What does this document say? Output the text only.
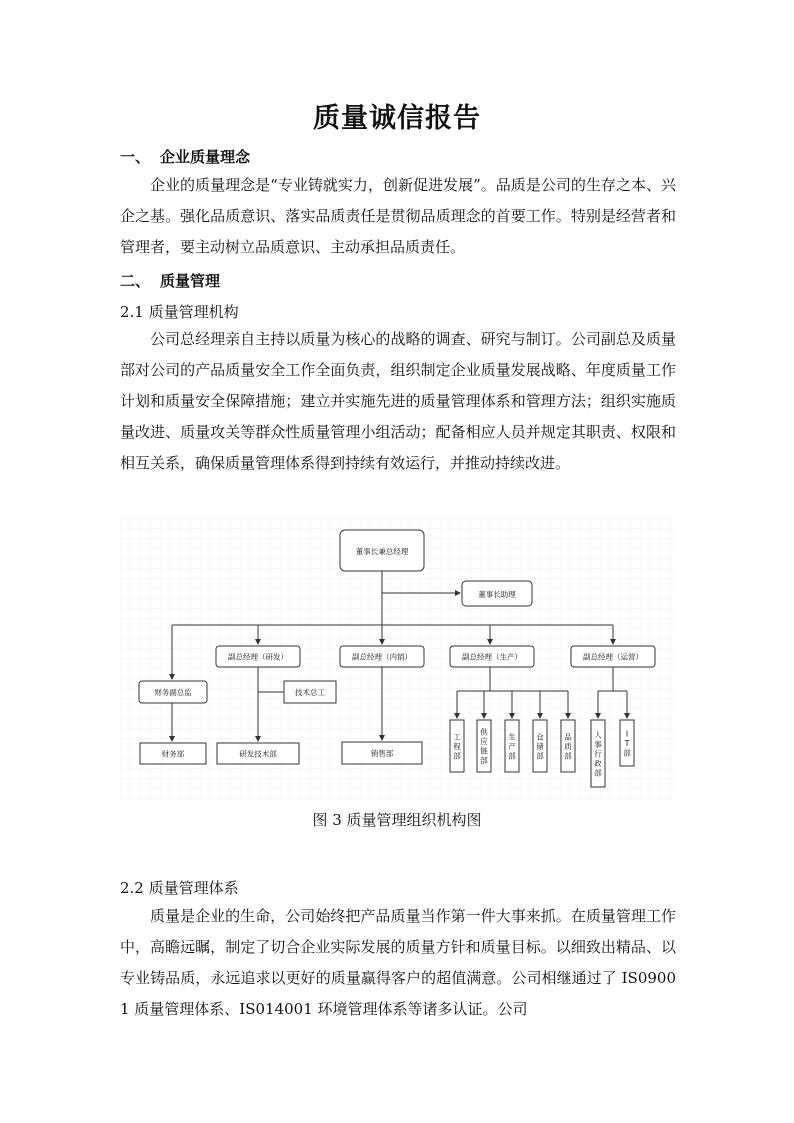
质量诚信报告
一、 企业质量理念

企业的质量理念是“专业铸就实力，创新促进发展”。品质是公司的生存之本、兴企之基。强化品质意识、落实品质责任是贯彻品质理念的首要工作。特别是经营者和管理者，要主动树立品质意识、主动承担品质责任。

二、 质量管理
2.1 质量管理机构

公司总经理亲自主持以质量为核心的战略的调查、研究与制订。公司副总及质量部对公司的产品质量安全工作全面负责，组织制定企业质量发展战略、年度质量工作计划和质量安全保障措施；建立并实施先进的质量管理体系和管理方法；组织实施质量改进、质量攻关等群众性质量管理小组活动；配备相应人员并规定其职责、权限和相互关系，确保质量管理体系得到持续有效运行，并推动持续改进。

董事长兼总经理
董事长助理
副总经理（研发）	副总经理（内销）	副总经理（生产）	副总经理（运营）
财务副总监	技术总工
财务部	研发技术部	销售部
工程部
供应链部
生产部
仓储部
品质部
人事行政部
I T 部
图 3 质量管理组织机构图
2.2 质量管理体系

质量是企业的生命，公司始终把产品质量当作第一件大事来抓。在质量管理工作中，高瞻远瞩，制定了切合企业实际发展的质量方针和质量目标。以细致出精品、以专业铸品质，永远追求以更好的质量赢得客户的超值满意。公司相继通过了 IS09001 质量管理体系、IS014001 环境管理体系等诸多认证。公司
